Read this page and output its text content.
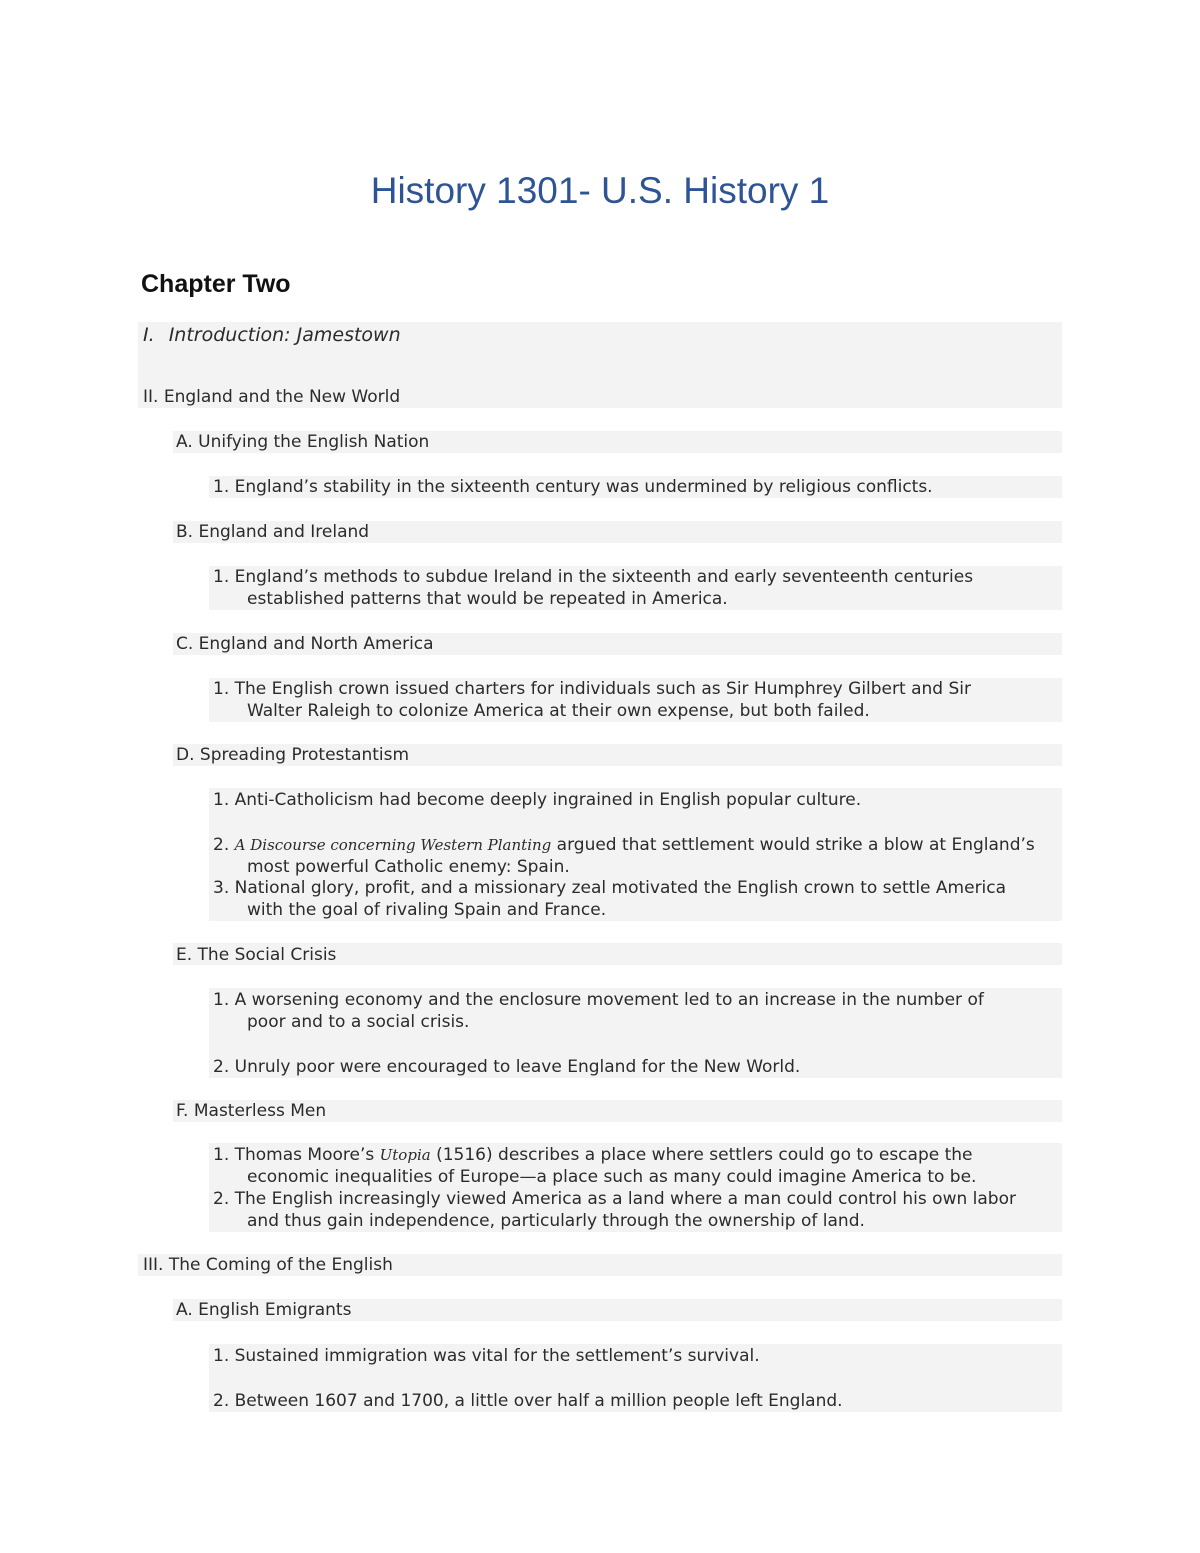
History 1301- U.S. History 1
Chapter Two
I. Introduction: Jamestown
II. England and the New World
A. Unifying the English Nation
1. England’s stability in the sixteenth century was undermined by religious conflicts.
B. England and Ireland
1. England’s methods to subdue Ireland in the sixteenth and early seventeenth centuries
established patterns that would be repeated in America.
C. England and North America
1. The English crown issued charters for individuals such as Sir Humphrey Gilbert and Sir
Walter Raleigh to colonize America at their own expense, but both failed.
D. Spreading Protestantism
1. Anti-Catholicism had become deeply ingrained in English popular culture.
2. A Discourse concerning Western Planting argued that settlement would strike a blow at England’s
most powerful Catholic enemy: Spain.
3. National glory, profit, and a missionary zeal motivated the English crown to settle America
with the goal of rivaling Spain and France.
E. The Social Crisis
1. A worsening economy and the enclosure movement led to an increase in the number of
poor and to a social crisis.
2. Unruly poor were encouraged to leave England for the New World.
F. Masterless Men
1. Thomas Moore’s Utopia (1516) describes a place where settlers could go to escape the
economic inequalities of Europe—a place such as many could imagine America to be.
2. The English increasingly viewed America as a land where a man could control his own labor
and thus gain independence, particularly through the ownership of land.
III. The Coming of the English
A. English Emigrants
1. Sustained immigration was vital for the settlement’s survival.
2. Between 1607 and 1700, a little over half a million people left England.
